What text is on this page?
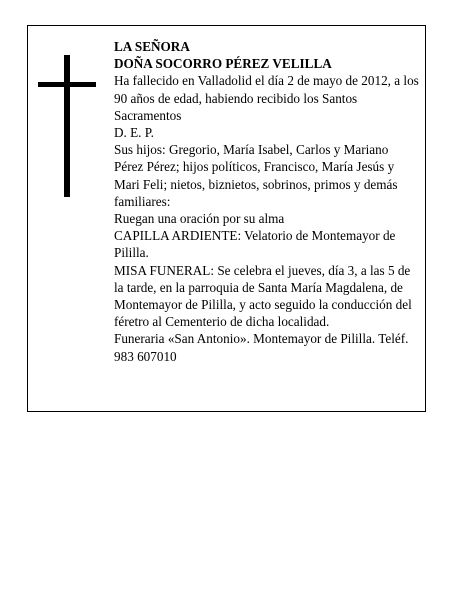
LA SEÑORA

DOÑA SOCORRO PÉREZ VELILLA

Ha fallecido en Valladolid el día 2 de mayo de 2012, a los 90 años de edad, habiendo recibido los Santos Sacramentos

D. E. P.

Sus hijos: Gregorio, María Isabel, Carlos y Mariano Pérez Pérez; hijos políticos, Francisco, María Jesús y Mari Feli; nietos, biznietos, sobrinos, primos y demás familiares:

Ruegan una oración por su alma

CAPILLA ARDIENTE: Velatorio de Montemayor de Pililla.

MISA FUNERAL: Se celebra el jueves, día 3, a las 5 de la tarde, en la parroquia de Santa María Magdalena, de Montemayor de Pililla, y acto seguido la conducción del féretro al Cementerio de dicha localidad.

Funeraria «San Antonio». Montemayor de Pililla. Teléf. 983 607010
